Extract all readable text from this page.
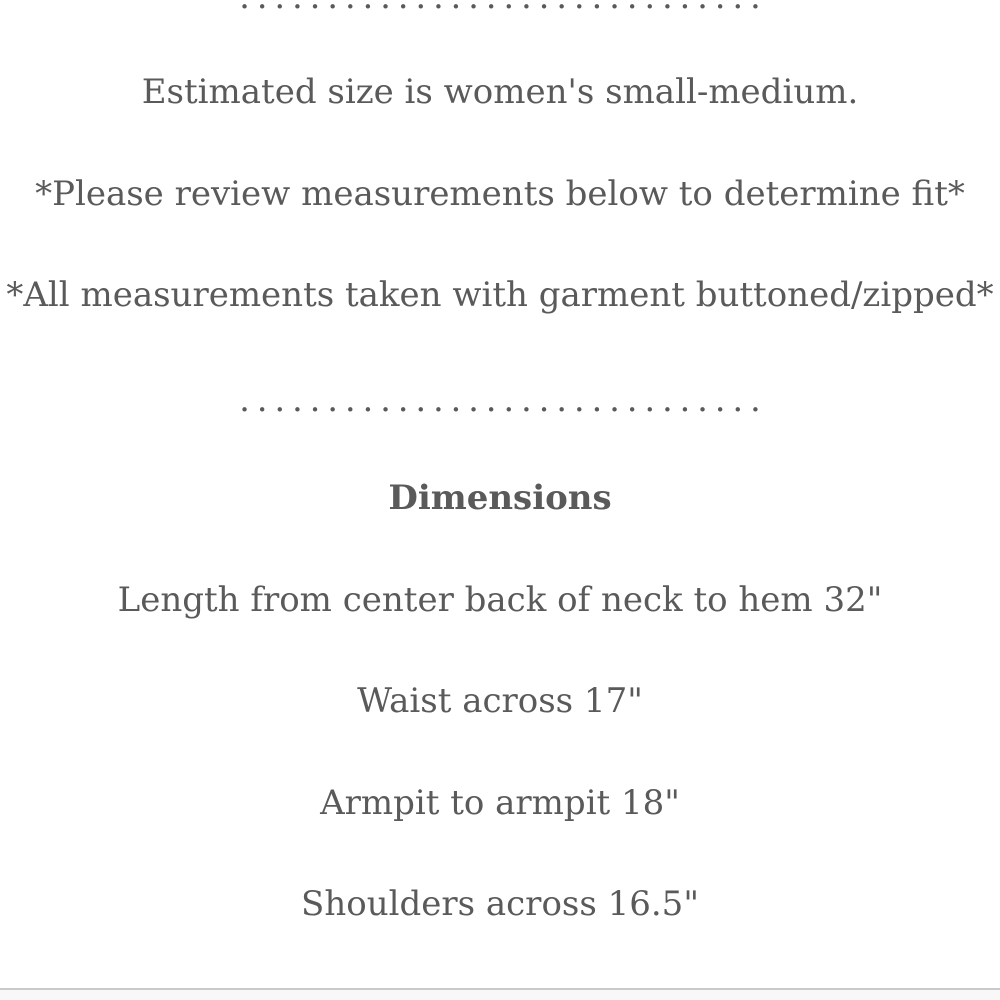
Estimated size is women's small-medium.
*Please review measurements below to determine fit*
*All measurements taken with garment buttoned/zipped*
. . . . . . . . . . . . . . . . . . . . . . . . . . . . . .
Dimensions
Length from center back of neck to hem 32"
Waist across 17"
Armpit to armpit 18"
Shoulders across 16.5"
